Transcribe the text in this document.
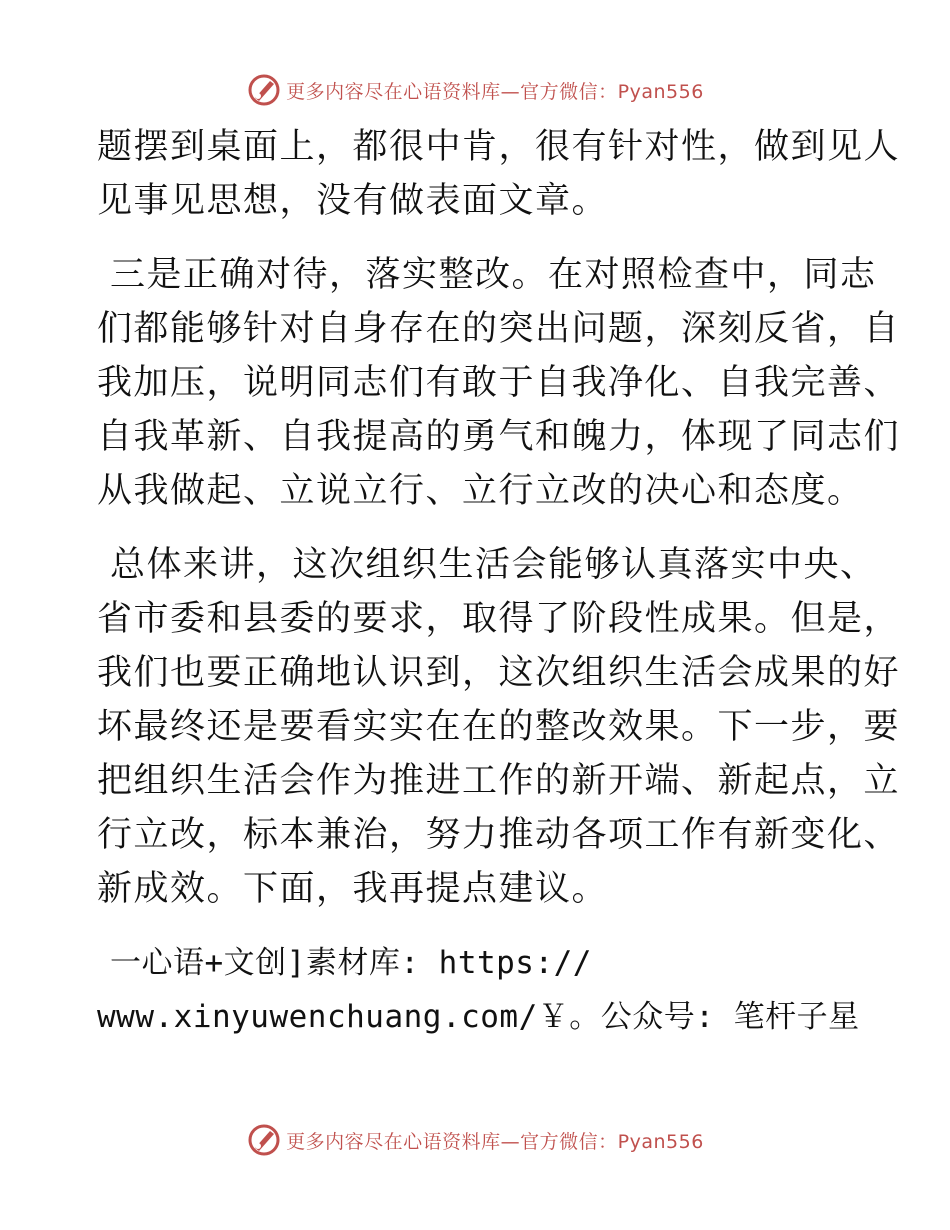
更多内容尽在心语资料库—官方微信：Pyan556

题摆到桌面上，都很中肯，很有针对性，做到见人
见事见思想，没有做表面文章。

三是正确对待，落实整改。在对照检查中，同志
们都能够针对自身存在的突出问题，深刻反省，自
我加压，说明同志们有敢于自我净化、自我完善、
自我革新、自我提高的勇气和魄力，体现了同志们
从我做起、立说立行、立行立改的决心和态度。

总体来讲，这次组织生活会能够认真落实中央、
省市委和县委的要求，取得了阶段性成果。但是，
我们也要正确地认识到，这次组织生活会成果的好
坏最终还是要看实实在在的整改效果。下一步，要
把组织生活会作为推进工作的新开端、新起点，立
行立改，标本兼治，努力推动各项工作有新变化、
新成效。下面，我再提点建议。

一心语+文创]素材库: https://
www.xinyuwenchuang.com/￥。公众号: 笔杆子星

更多内容尽在心语资料库—官方微信：Pyan556
